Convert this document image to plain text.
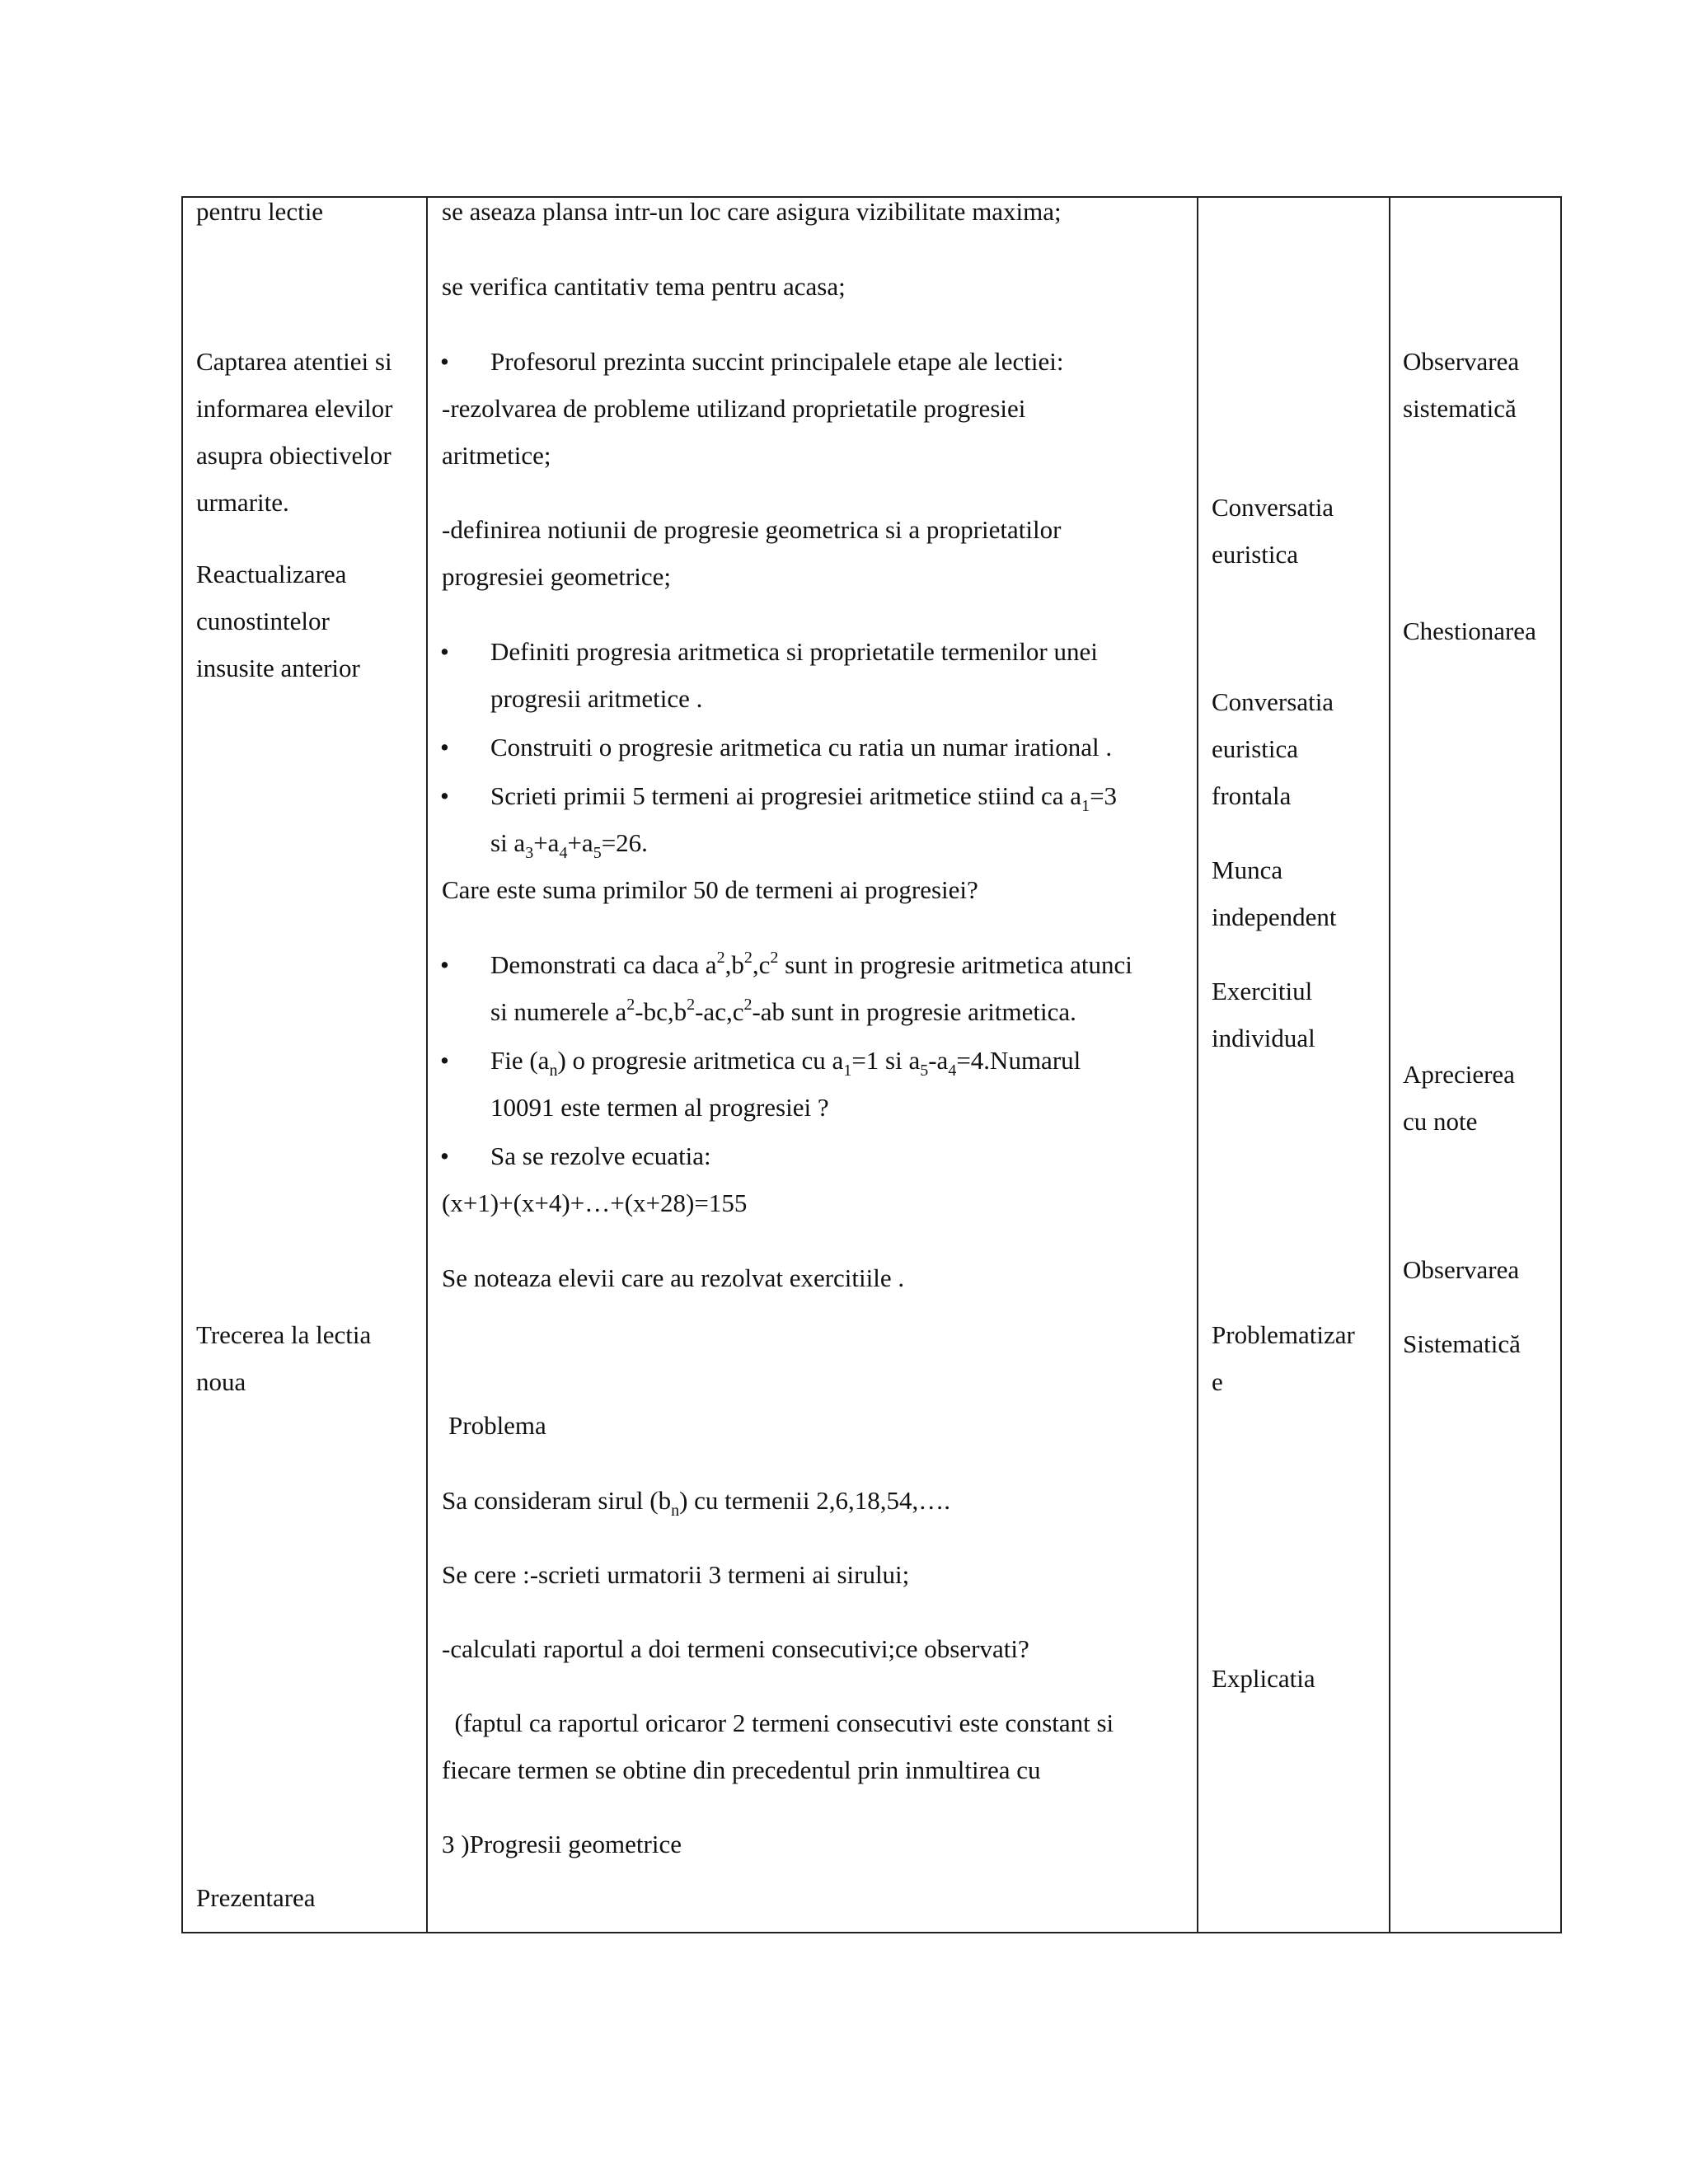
pentru lectie
Captarea atentiei si
informarea elevilor
asupra obiectivelor
urmarite.
Reactualizarea
cunostintelor
insusite anterior
Trecerea la lectia
noua
Prezentarea
se aseaza plansa intr-un loc care asigura vizibilitate maxima;
se verifica cantitativ tema pentru acasa;
• Profesorul prezinta succint principalele etape ale lectiei:
-rezolvarea de probleme utilizand proprietatile progresiei
aritmetice;
-definirea notiunii de progresie geometrica si a proprietatilor
progresiei geometrice;
• Definiti progresia aritmetica si proprietatile termenilor unei
progresii aritmetice .
• Construiti o progresie aritmetica cu ratia un numar irational .
• Scrieti primii 5 termeni ai progresiei aritmetice stiind ca $a_1=3$
si $a_3+a_4+a_5=26$.
Care este suma primilor 50 de termeni ai progresiei?
• Demonstrati ca daca $a^2,b^2,c^2$ sunt in progresie aritmetica atunci
si numerele $a^2-bc,b^2-ac,c^2-ab$ sunt in progresie aritmetica.
• Fie $(a_n)$ o progresie aritmetica cu $a_1=1$ si $a_5-a_4=4.Numarul$
10091 este termen al progresiei ?
• Sa se rezolve ecuatia:
(x+1)+(x+4)+…+(x+28)=155
Se noteaza elevii care au rezolvat exercitiile .
Problema
Sa consideram sirul $(b_n)$ cu termenii 2,6,18,54,….
Se cere :-scrieti urmatorii 3 termeni ai sirului;
-calculati raportul a doi termeni consecutivi;ce observati?
(faptul ca raportul oricaror 2 termeni consecutivi este constant si
fiecare termen se obtine din precedentul prin inmultirea cu
3 )Progresii geometrice
Conversatia
euristica
Conversatia
euristica
frontala
Munca
independent
Exercitiul
individual
Problematizar
e
Explicatia
Observarea
sistematică
Chestionarea
Aprecierea
cu note
Observarea
Sistematică
